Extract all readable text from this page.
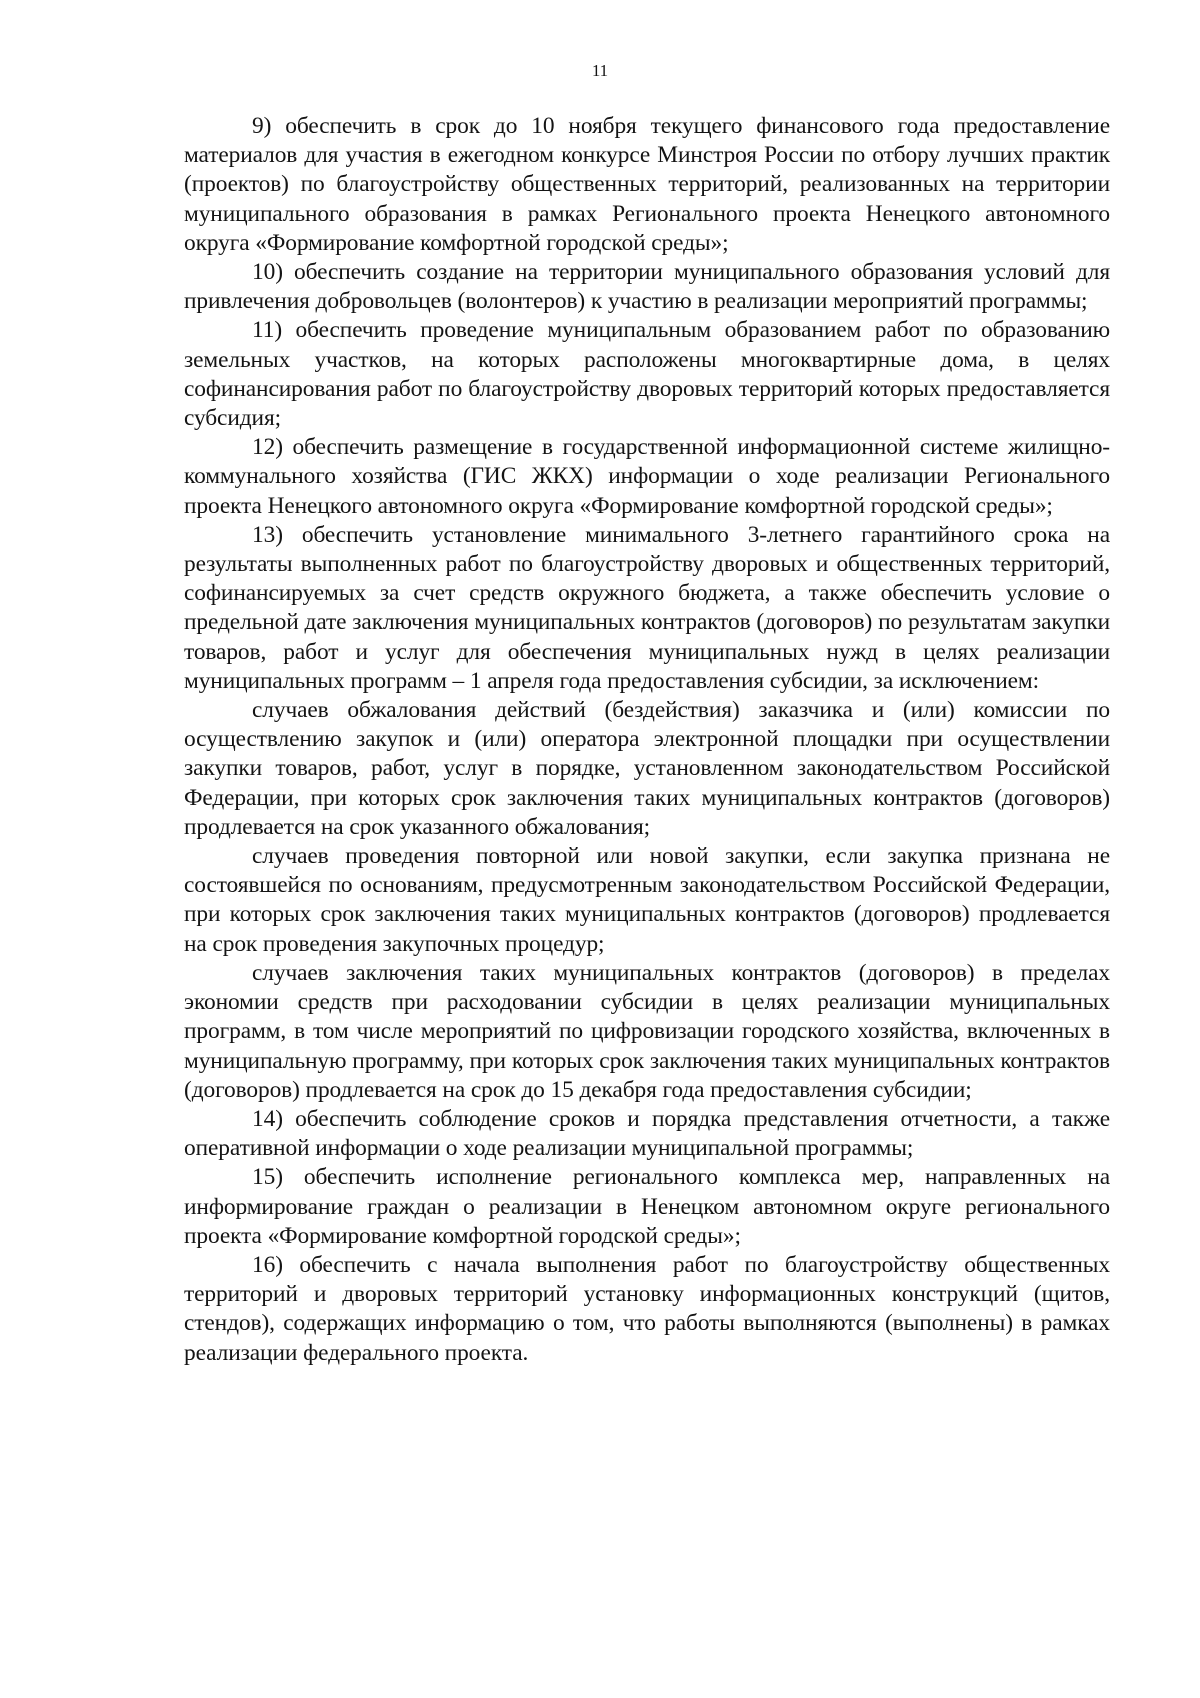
11

9) обеспечить в срок до 10 ноября текущего финансового года предоставление материалов для участия в ежегодном конкурсе Минстроя России по отбору лучших практик (проектов) по благоустройству общественных территорий, реализованных на территории муниципального образования в рамках Регионального проекта Ненецкого автономного округа «Формирование комфортной городской среды»;

10) обеспечить создание на территории муниципального образования условий для привлечения добровольцев (волонтеров) к участию в реализации мероприятий программы;

11) обеспечить проведение муниципальным образованием работ по образованию земельных участков, на которых расположены многоквартирные дома, в целях софинансирования работ по благоустройству дворовых территорий которых предоставляется субсидия;

12) обеспечить размещение в государственной информационной системе жилищно-коммунального хозяйства (ГИС ЖКХ) информации о ходе реализации Регионального проекта Ненецкого автономного округа «Формирование комфортной городской среды»;

13) обеспечить установление минимального 3-летнего гарантийного срока на результаты выполненных работ по благоустройству дворовых и общественных территорий, софинансируемых за счет средств окружного бюджета, а также обеспечить условие о предельной дате заключения муниципальных контрактов (договоров) по результатам закупки товаров, работ и услуг для обеспечения муниципальных нужд в целях реализации муниципальных программ – 1 апреля года предоставления субсидии, за исключением:

случаев обжалования действий (бездействия) заказчика и (или) комиссии по осуществлению закупок и (или) оператора электронной площадки при осуществлении закупки товаров, работ, услуг в порядке, установленном законодательством Российской Федерации, при которых срок заключения таких муниципальных контрактов (договоров) продлевается на срок указанного обжалования;

случаев проведения повторной или новой закупки, если закупка признана не состоявшейся по основаниям, предусмотренным законодательством Российской Федерации, при которых срок заключения таких муниципальных контрактов (договоров) продлевается на срок проведения закупочных процедур;

случаев заключения таких муниципальных контрактов (договоров) в пределах экономии средств при расходовании субсидии в целях реализации муниципальных программ, в том числе мероприятий по цифровизации городского хозяйства, включенных в муниципальную программу, при которых срок заключения таких муниципальных контрактов (договоров) продлевается на срок до 15 декабря года предоставления субсидии;

14) обеспечить соблюдение сроков и порядка представления отчетности, а также оперативной информации о ходе реализации муниципальной программы;

15) обеспечить исполнение регионального комплекса мер, направленных на информирование граждан о реализации в Ненецком автономном округе регионального проекта «Формирование комфортной городской среды»;

16) обеспечить с начала выполнения работ по благоустройству общественных территорий и дворовых территорий установку информационных конструкций (щитов, стендов), содержащих информацию о том, что работы выполняются (выполнены) в рамках реализации федерального проекта.
